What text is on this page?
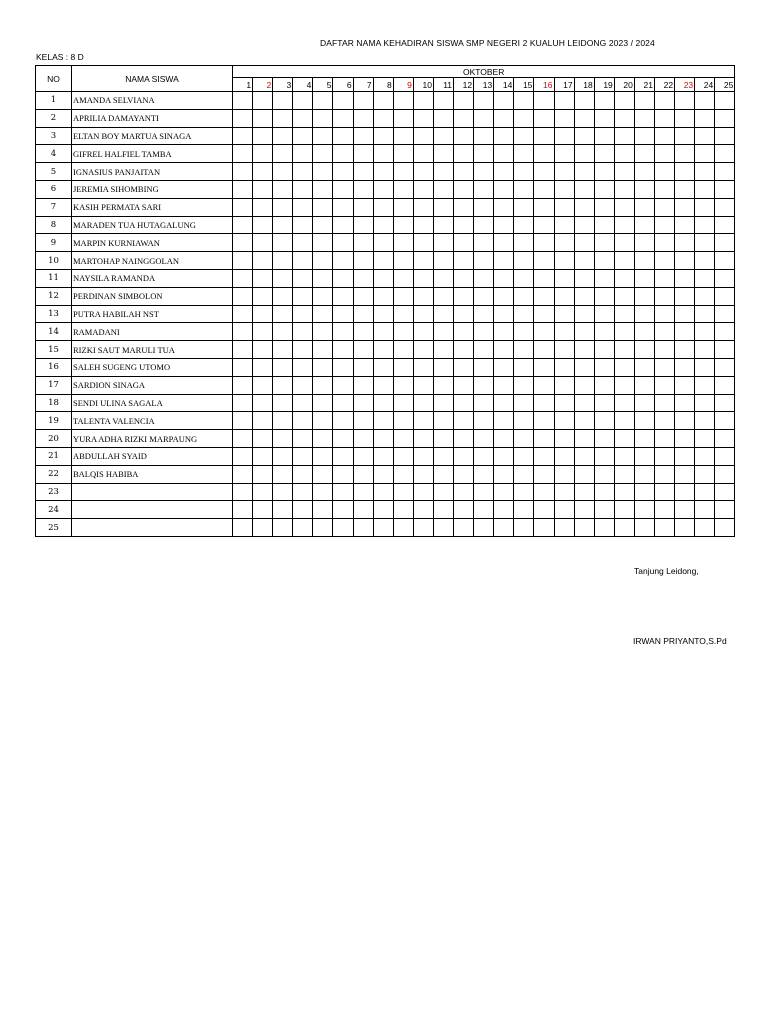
DAFTAR NAMA KEHADIRAN SISWA SMP NEGERI 2 KUALUH LEIDONG 2023 / 2024
KELAS : 8 D
NO	NAMA SISWA	OKTOBER																								
		1	2	3	4	5	6	7	8	9	10	11	12	13	14	15	16	17	18	19	20	21	22	23	24	25
1	AMANDA SELVIANA																									
2	APRILIA DAMAYANTI																									
3	ELTAN BOY MARTUA SINAGA																									
4	GIFREL HALFIEL TAMBA																									
5	IGNASIUS PANJAITAN																									
6	JEREMIA SIHOMBING																									
7	KASIH PERMATA SARI																									
8	MARADEN TUA HUTAGALUNG																									
9	MARPIN KURNIAWAN																									
10	MARTOHAP NAINGGOLAN																									
11	NAYSILA RAMANDA																									
12	PERDINAN SIMBOLON																									
13	PUTRA HABILAH NST																									
14	RAMADANI																									
15	RIZKI SAUT MARULI TUA																									
16	SALEH SUGENG UTOMO																									
17	SARDION SINAGA																									
18	SENDI ULINA SAGALA																									
19	TALENTA VALENCIA																									
20	YURA ADHA RIZKI MARPAUNG																									
21	ABDULLAH SYAID																									
22	BALQIS HABIBA																									
23																										
24																										
25																										
Tanjung Leidong,
IRWAN PRIYANTO,S.Pd
